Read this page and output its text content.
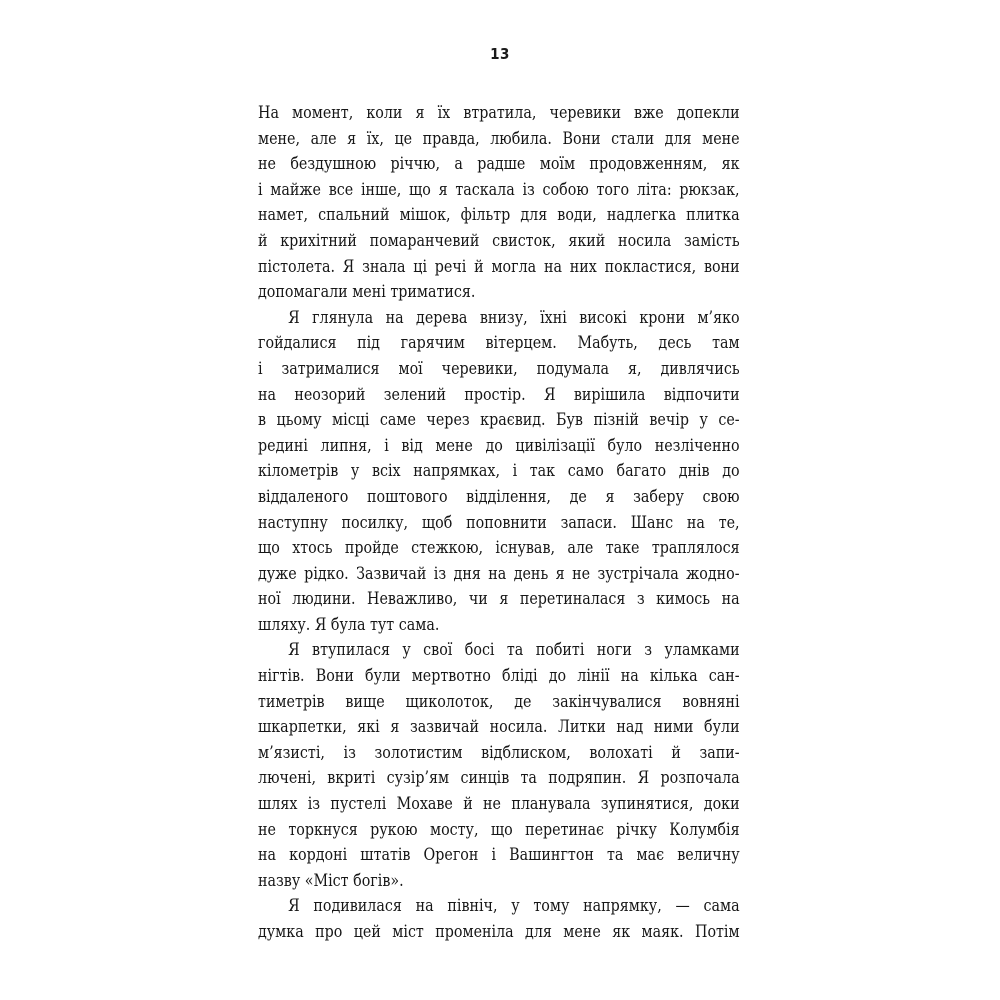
13
На момент, коли я їх втратила, черевики вже допекли
мене, але я їх, це правда, любила. Вони стали для мене
не бездушною річчю, а радше моїм продовженням, як
і майже все інше, що я таскала із собою того літа: рюкзак,
намет, спальний мішок, фільтр для води, надлегка плитка
й крихітний помаранчевий свисток, який носила замість
пістолета. Я знала ці речі й могла на них покластися, вони
допомагали мені триматися.
Я глянула на дерева внизу, їхні високі крони м’яко
гойдалися під гарячим вітерцем. Мабуть, десь там
і затрималися мої черевики, подумала я, дивлячись
на неозорий зелений простір. Я вирішила відпочити
в цьому місці саме через краєвид. Був пізній вечір у се-
редині липня, і від мене до цивілізації було незліченно
кілометрів у всіх напрямках, і так само багато днів до
віддаленого поштового відділення, де я заберу свою
наступну посилку, щоб поповнити запаси. Шанс на те,
що хтось пройде стежкою, існував, але таке траплялося
дуже рідко. Зазвичай із дня на день я не зустрічала жодно-
ної людини. Неважливо, чи я перетиналася з кимось на
шляху. Я була тут сама.
Я втупилася у свої босі та побиті ноги з уламками
нігтів. Вони були мертвотно бліді до лінії на кілька сан-
тиметрів вище щиколоток, де закінчувалися вовняні
шкарпетки, які я зазвичай носила. Литки над ними були
м’язисті, із золотистим відблиском, волохаті й запи-
лючені, вкриті сузір’ям синців та подряпин. Я розпочала
шлях із пустелі Мохаве й не планувала зупинятися, доки
не торкнуся рукою мосту, що перетинає річку Колумбія
на кордоні штатів Орегон і Вашингтон та має величну
назву «Міст богів».
Я подивилася на північ, у тому напрямку, — сама
думка про цей міст променіла для мене як маяк. Потім
